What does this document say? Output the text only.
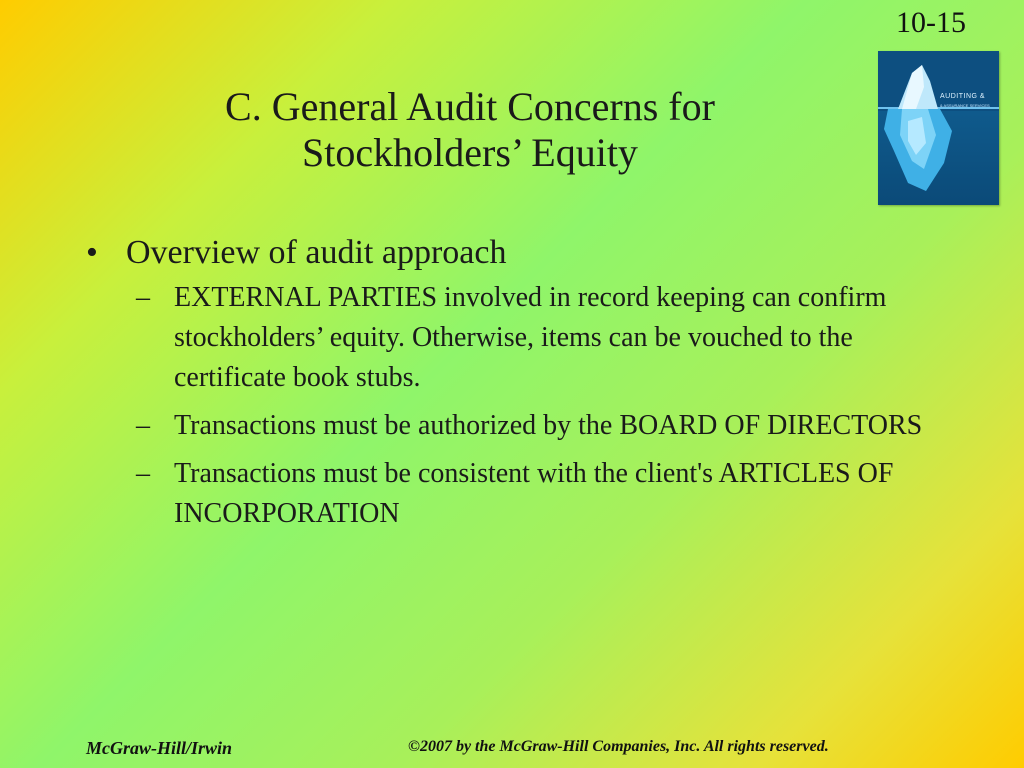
10-15
C. General Audit Concerns for
Stockholders’ Equity
AUDITING &
& ASSURANCE SERVICES
• Overview of audit approach
– EXTERNAL PARTIES involved in record keeping can confirm stockholders’ equity. Otherwise, items can be vouched to the certificate book stubs.
– Transactions must be authorized by the BOARD OF DIRECTORS
– Transactions must be consistent with the client's ARTICLES OF INCORPORATION
McGraw-Hill/Irwin	©2007 by the McGraw-Hill Companies, Inc. All rights reserved.
